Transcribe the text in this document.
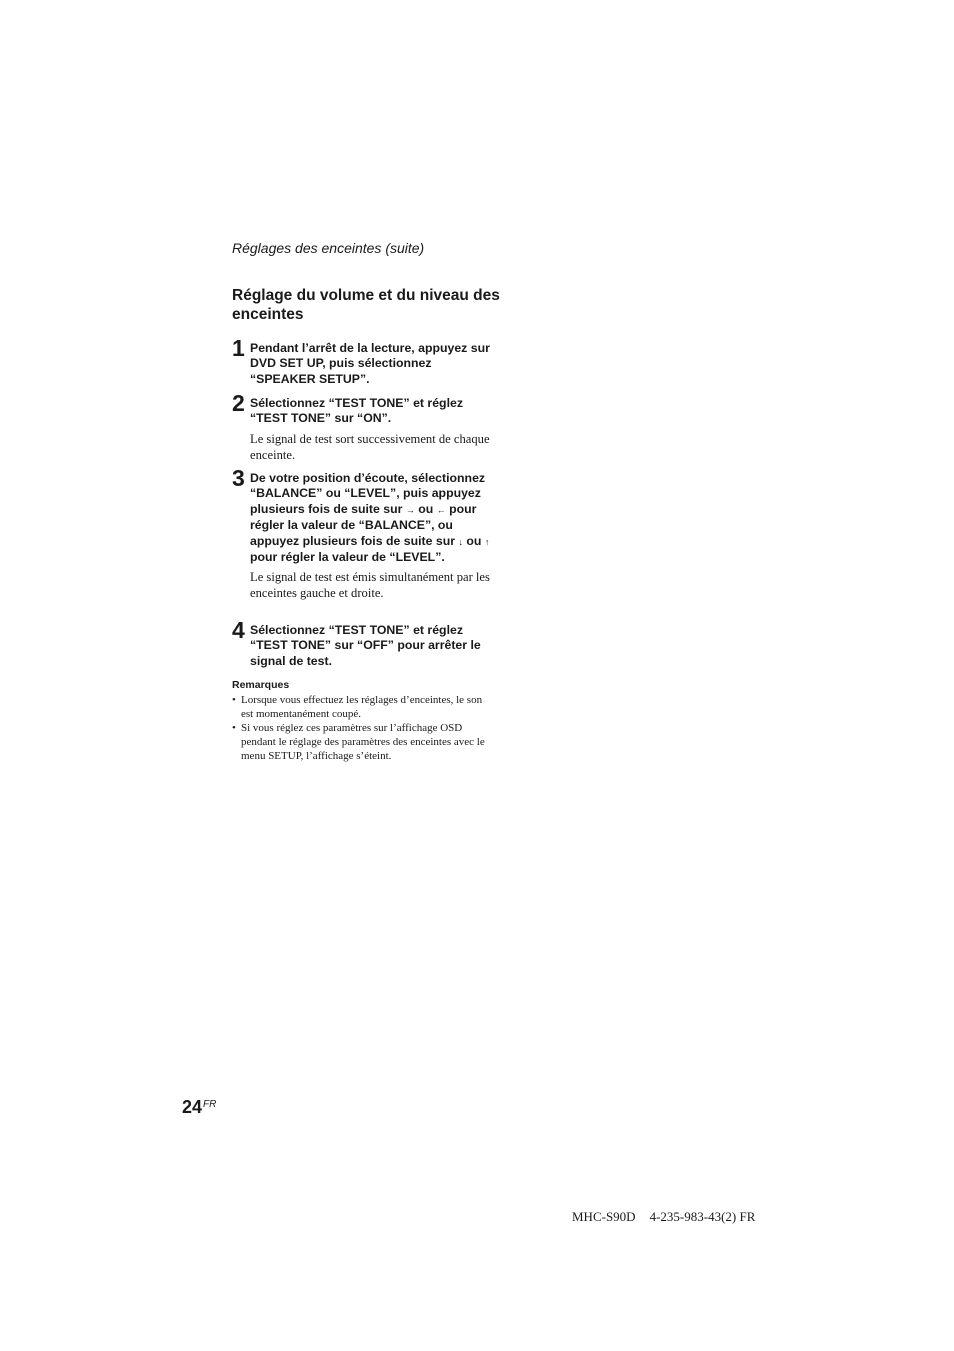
Réglages des enceintes (suite)
Réglage du volume et du niveau des enceintes
1 Pendant l’arrêt de la lecture, appuyez sur DVD SET UP, puis sélectionnez “SPEAKER SETUP”.
2 Sélectionnez “TEST TONE” et réglez “TEST TONE” sur “ON”.
Le signal de test sort successivement de chaque enceinte.
3 De votre position d’écoute, sélectionnez “BALANCE” ou “LEVEL”, puis appuyez plusieurs fois de suite sur → ou ← pour régler la valeur de “BALANCE”, ou appuyez plusieurs fois de suite sur ↓ ou ↑ pour régler la valeur de “LEVEL”.
Le signal de test est émis simultanément par les enceintes gauche et droite.
4 Sélectionnez “TEST TONE” et réglez “TEST TONE” sur “OFF” pour arrêter le signal de test.
Remarques
• Lorsque vous effectuez les réglages d’enceintes, le son est momentanément coupé.
• Si vous réglez ces paramètres sur l’affichage OSD pendant le réglage des paramètres des enceintes avec le menu SETUP, l’affichage s’éteint.
$24^{FR}$
MHC-S90D 4-235-983-43(2) FR
